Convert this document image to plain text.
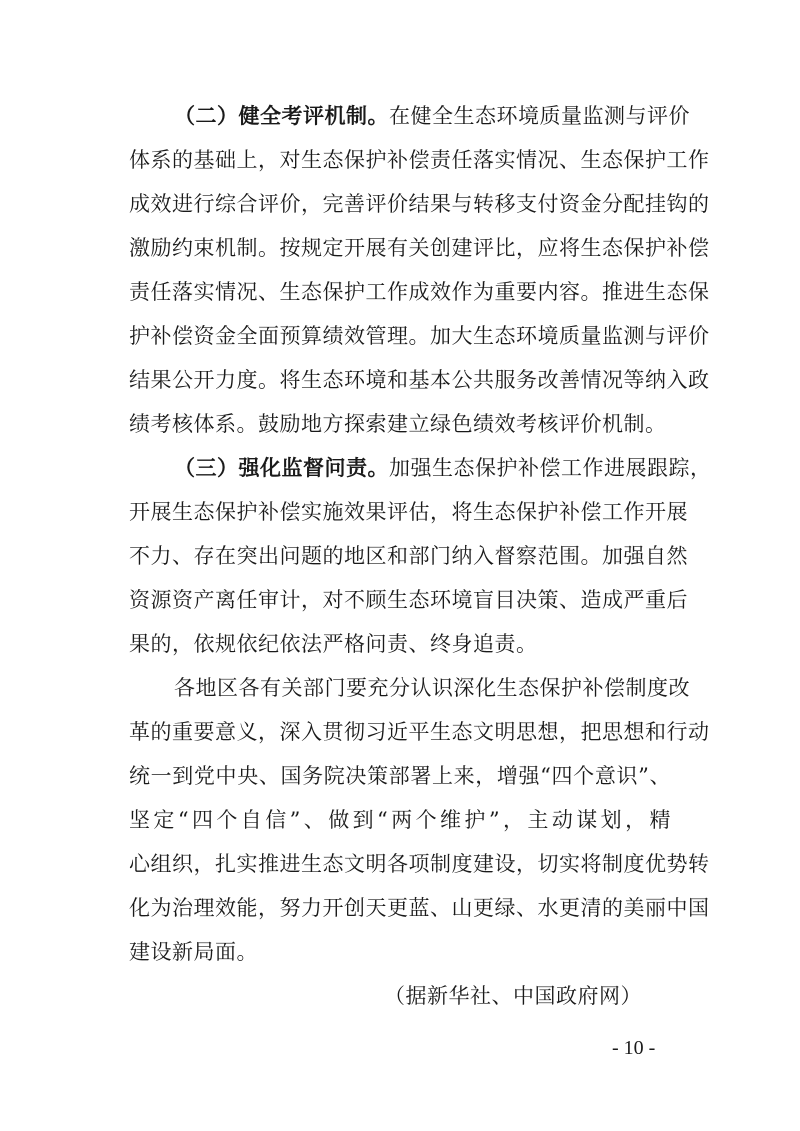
（二）健全考评机制。在健全生态环境质量监测与评价
体系的基础上，对生态保护补偿责任落实情况、生态保护工作
成效进行综合评价，完善评价结果与转移支付资金分配挂钩的
激励约束机制。按规定开展有关创建评比，应将生态保护补偿
责任落实情况、生态保护工作成效作为重要内容。推进生态保
护补偿资金全面预算绩效管理。加大生态环境质量监测与评价
结果公开力度。将生态环境和基本公共服务改善情况等纳入政
绩考核体系。鼓励地方探索建立绿色绩效考核评价机制。
（三）强化监督问责。加强生态保护补偿工作进展跟踪，
开展生态保护补偿实施效果评估，将生态保护补偿工作开展
不力、存在突出问题的地区和部门纳入督察范围。加强自然
资源资产离任审计，对不顾生态环境盲目决策、造成严重后
果的，依规依纪依法严格问责、终身追责。
各地区各有关部门要充分认识深化生态保护补偿制度改
革的重要意义，深入贯彻习近平生态文明思想，把思想和行动
统一到党中央、国务院决策部署上来，增强“四个意识”、
坚定“四个自信”、做到“两个维护”，主动谋划，精
心组织，扎实推进生态文明各项制度建设，切实将制度优势转
化为治理效能，努力开创天更蓝、山更绿、水更清的美丽中国
建设新局面。
（据新华社、中国政府网）
- 10 -
